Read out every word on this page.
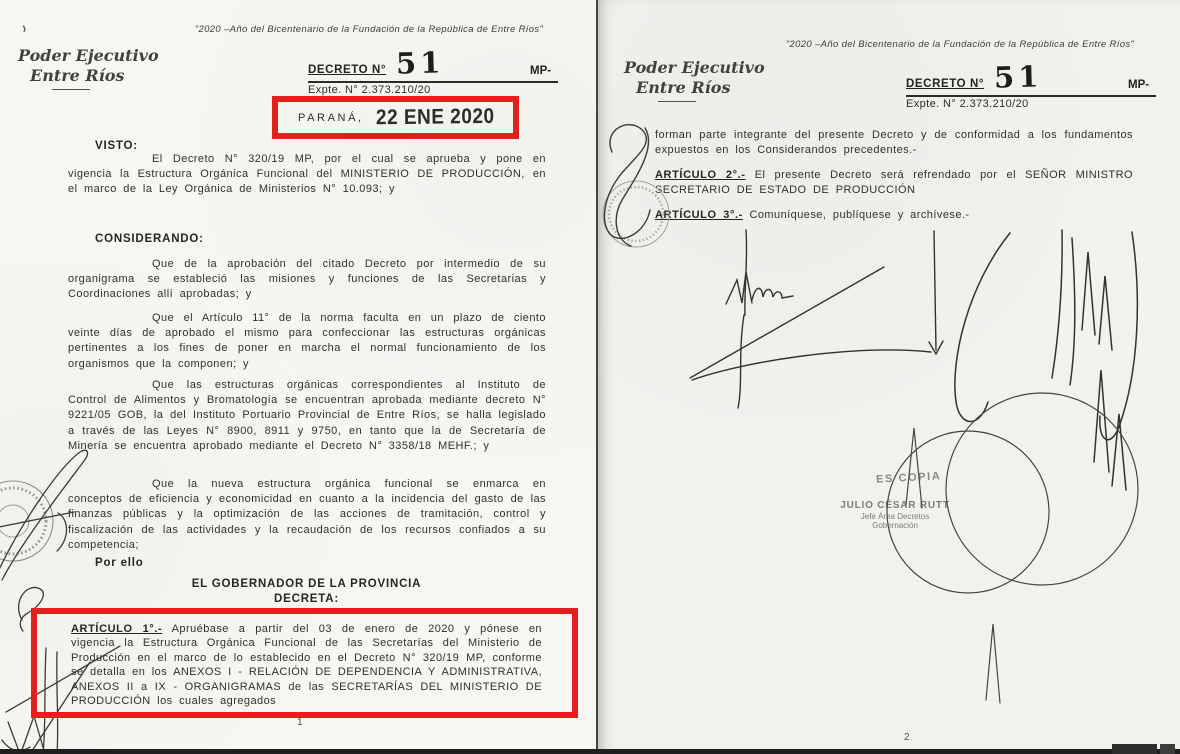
"2020 –Año del Bicentenario de la Fundación de la República de Entre Ríos"
Poder Ejecutivo
Entre Ríos	DECRETO N° 51	MP-
Expte. N° 2.373.210/20
PARANÁ, 22 ENE 2020
VISTO:

El Decreto N° 320/19 MP, por el cual se aprueba y pone en vigencia la Estructura Orgánica Funcional del MINISTERIO DE PRODUCCIÓN, en el marco de la Ley Orgánica de Ministerios N° 10.093; y

CONSIDERANDO:

Que de la aprobación del citado Decreto por intermedio de su organigrama se estableció las misiones y funciones de las Secretarias y Coordinaciones allí aprobadas; y

Que el Artículo 11° de la norma faculta en un plazo de ciento veinte días de aprobado el mismo para confeccionar las estructuras orgánicas pertinentes a los fines de poner en marcha el normal funcionamiento de los organismos que la componen; y

Que las estructuras orgánicas correspondientes al Instituto de Control de Alimentos y Bromatología se encuentran aprobada mediante decreto N° 9221/05 GOB, la del Instituto Portuario Provincial de Entre Ríos, se halla legislado a través de las Leyes N° 8900, 8911 y 9750, en tanto que la de Secretaría de Minería se encuentra aprobado mediante el Decreto N° 3358/18 MEHF.; y

Que la nueva estructura orgánica funcional se enmarca en conceptos de eficiencia y economicidad en cuanto a la incidencia del gasto de las finanzas públicas y la optimización de las acciones de tramitación, control y fiscalización de las actividades y la recaudación de los recursos confiados a su competencia;

Por ello
EL GOBERNADOR DE LA PROVINCIA
DECRETA:
1

ARTÍCULO 1°.- Apruébase a partir del 03 de enero de 2020 y pónese en vigencia la Estructura Orgánica Funcional de las Secretarías del Ministerio de Producción en el marco de lo establecido en el Decreto N° 320/19 MP, conforme se detalla en los ANEXOS I - RELACIÓN DE DEPENDENCIA Y ADMINISTRATIVA, ANEXOS II a IX - ORGANIGRAMAS de las SECRETARÍAS DEL MINISTERIO DE PRODUCCIÓN los cuales agregados

"2020 –Año del Bicentenario de la Fundación de la República de Entre Ríos"
Poder Ejecutivo
Entre Ríos	DECRETO N° 51	MP-
Expte. N° 2.373.210/20

forman parte integrante del presente Decreto y de conformidad a los fundamentos expuestos en los Considerandos precedentes.-

ARTÍCULO 2°.- El presente Decreto será refrendado por el SEÑOR MINISTRO SECRETARIO DE ESTADO DE PRODUCCIÓN

ARTÍCULO 3°.- Comuníquese, publíquese y archívese.-

ES COPIA
JULIO CÉSAR RUTT
Jefe Área Decretos
Gobernación
2
